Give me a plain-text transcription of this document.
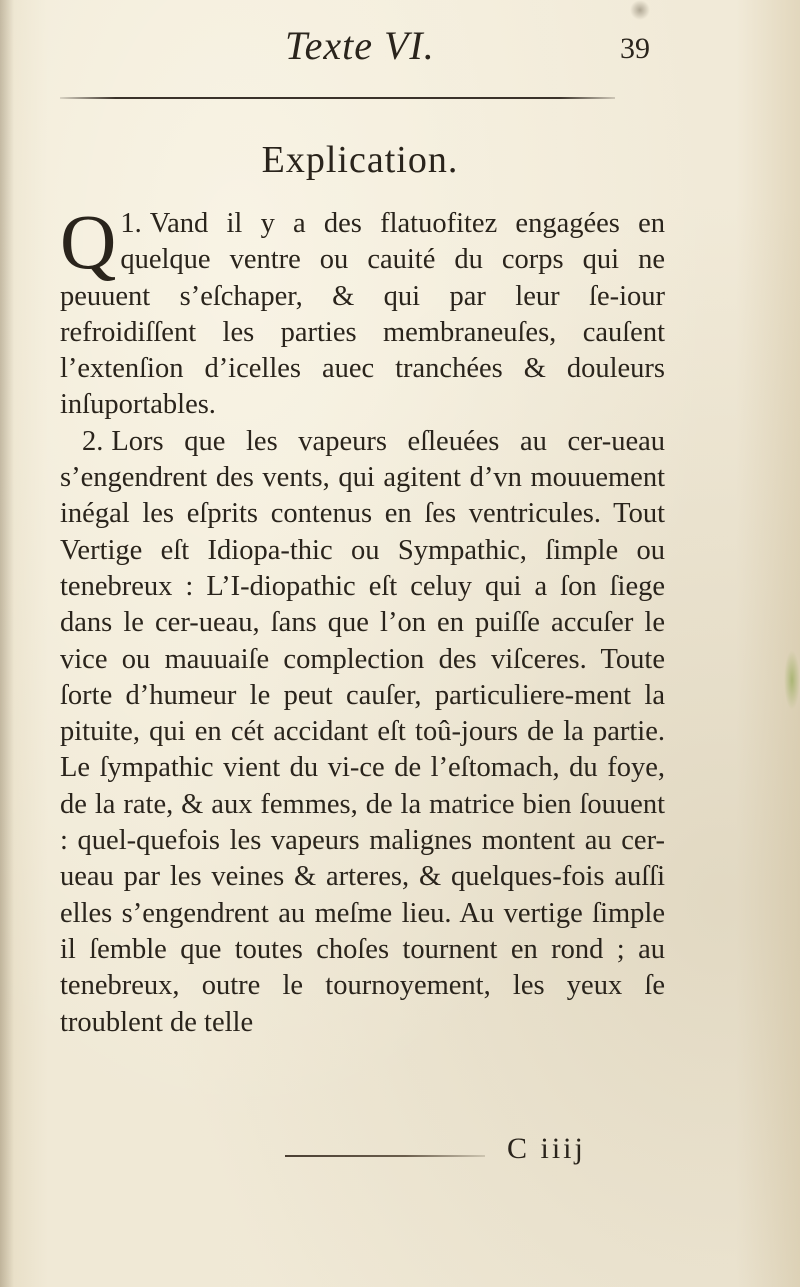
Texte VI.	39
Explication.

1.
Q Vand il y a des flatuofitez engagées en quelque ventre ou cauité du corps qui ne peuuent s’eſchaper, & qui par leur ſe-iour refroidiſſent les parties membraneuſes, cauſent l’extenſion d’icelles auec tranchées & douleurs inſuportables.

2. Lors que les vapeurs eſleuées au cer-ueau s’engendrent des vents, qui agitent d’vn mouuement inégal les eſprits contenus en ſes ventricules. Tout Vertige eſt Idiopa-thic ou Sympathic, ſimple ou tenebreux : L’I-diopathic eſt celuy qui a ſon ſiege dans le cer-ueau, ſans que l’on en puiſſe accuſer le vice ou mauuaiſe complection des viſceres. Toute ſorte d’humeur le peut cauſer, particuliere-ment la pituite, qui en cét accidant eſt toû-jours de la partie. Le ſympathic vient du vi-ce de l’eſtomach, du foye, de la rate, & aux femmes, de la matrice bien ſouuent : quel-quefois les vapeurs malignes montent au cer-ueau par les veines & arteres, & quelques-fois auſſi elles s’engendrent au meſme lieu. Au vertige ſimple il ſemble que toutes choſes tournent en rond ; au tenebreux, outre le tournoyement, les yeux ſe troublent de telle

C iiij
